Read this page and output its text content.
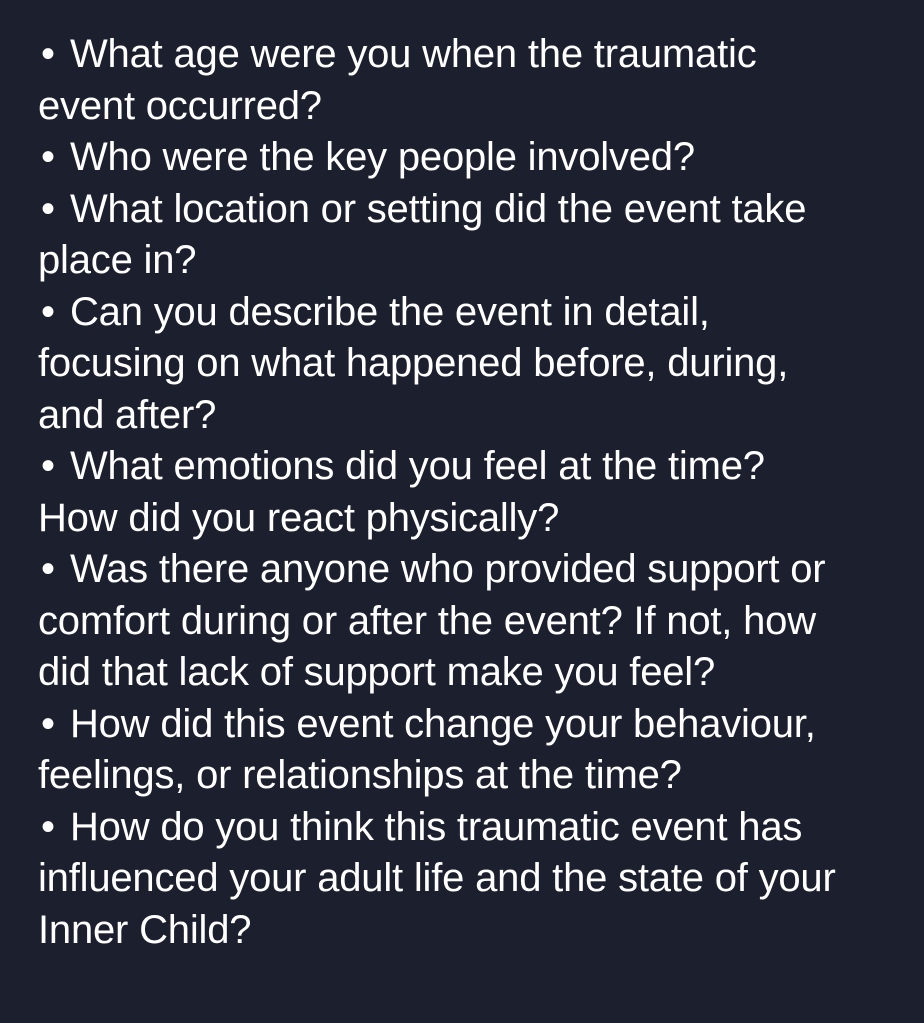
• What age were you when the traumatic
event occurred?
• Who were the key people involved?
• What location or setting did the event take
place in?
• Can you describe the event in detail,
focusing on what happened before, during,
and after?
• What emotions did you feel at the time?
How did you react physically?
• Was there anyone who provided support or
comfort during or after the event? If not, how
did that lack of support make you feel?
• How did this event change your behaviour,
feelings, or relationships at the time?
• How do you think this traumatic event has
influenced your adult life and the state of your
Inner Child?
